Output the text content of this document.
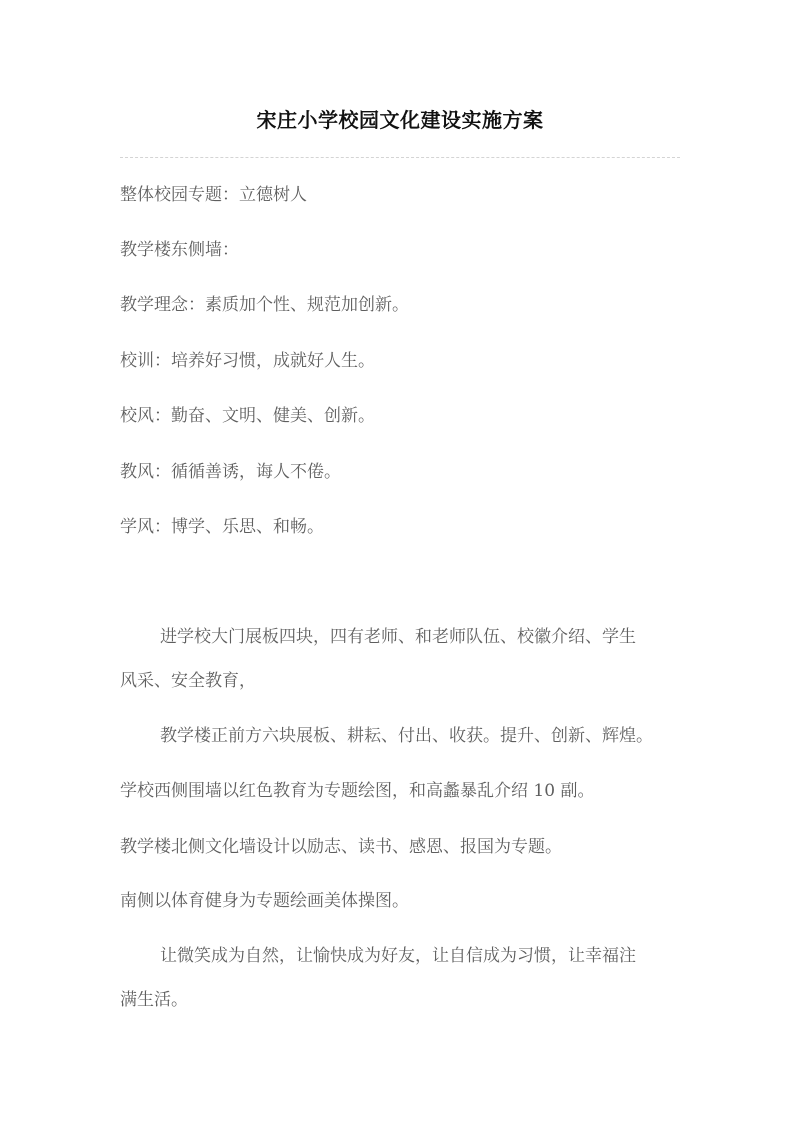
宋庄小学校园文化建设实施方案
整体校园专题：立德树人
教学楼东侧墙：
教学理念：素质加个性、规范加创新。
校训：培养好习惯，成就好人生。
校风：勤奋、文明、健美、创新。
教风：循循善诱，诲人不倦。
学风：博学、乐思、和畅。
进学校大门展板四块，四有老师、和老师队伍、校徽介绍、学生
风采、安全教育，
教学楼正前方六块展板、耕耘、付出、收获。提升、创新、辉煌。
学校西侧围墙以红色教育为专题绘图，和高蠡暴乱介绍 10 副。
教学楼北侧文化墙设计以励志、读书、感恩、报国为专题。
南侧以体育健身为专题绘画美体操图。
让微笑成为自然，让愉快成为好友，让自信成为习惯，让幸福注
满生活。
